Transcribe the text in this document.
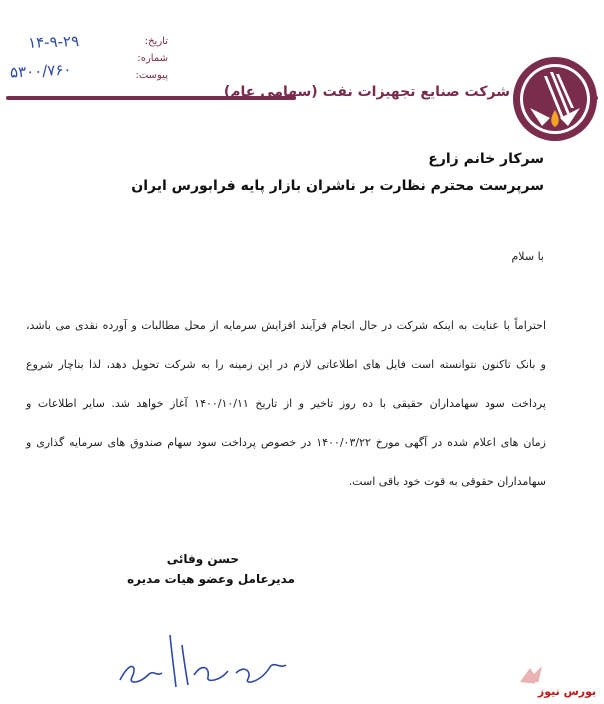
تاریخ:
شماره:
پیوست:
۱۴-۹-۲۹
۵۳۰۰/۷۶۰
شرکت صنایع تجهیزات نفت (سهامی عام)
سرکار خانم زارع
سرپرست محترم نظارت بر ناشران بازار پایه فرابورس ایران
با سلام
احتراماً با عنایت به اینکه شرکت در حال انجام فرآیند افزایش سرمایه از محل مطالبات و آورده نقدی می باشد،
و بانک تاکنون نتوانسته است فایل های اطلاعاتی لازم در این زمینه را به شرکت تحویل دهد، لذا بناچار شروع
پرداخت سود سهامداران حقیقی با ده روز تاخیر و از تاریخ ۱۴۰۰/۱۰/۱۱ آغاز خواهد شد. سایر اطلاعات و
زمان های اعلام شده در آگهی مورخ ۱۴۰۰/۰۳/۲۲ در خصوص پرداخت سود سهام صندوق های سرمایه گذاری و
سهامداران حقوقی به قوت خود باقی است.
حسن وفائی
مدیرعامل وعضو هیات مدیره
بورس نیوز
